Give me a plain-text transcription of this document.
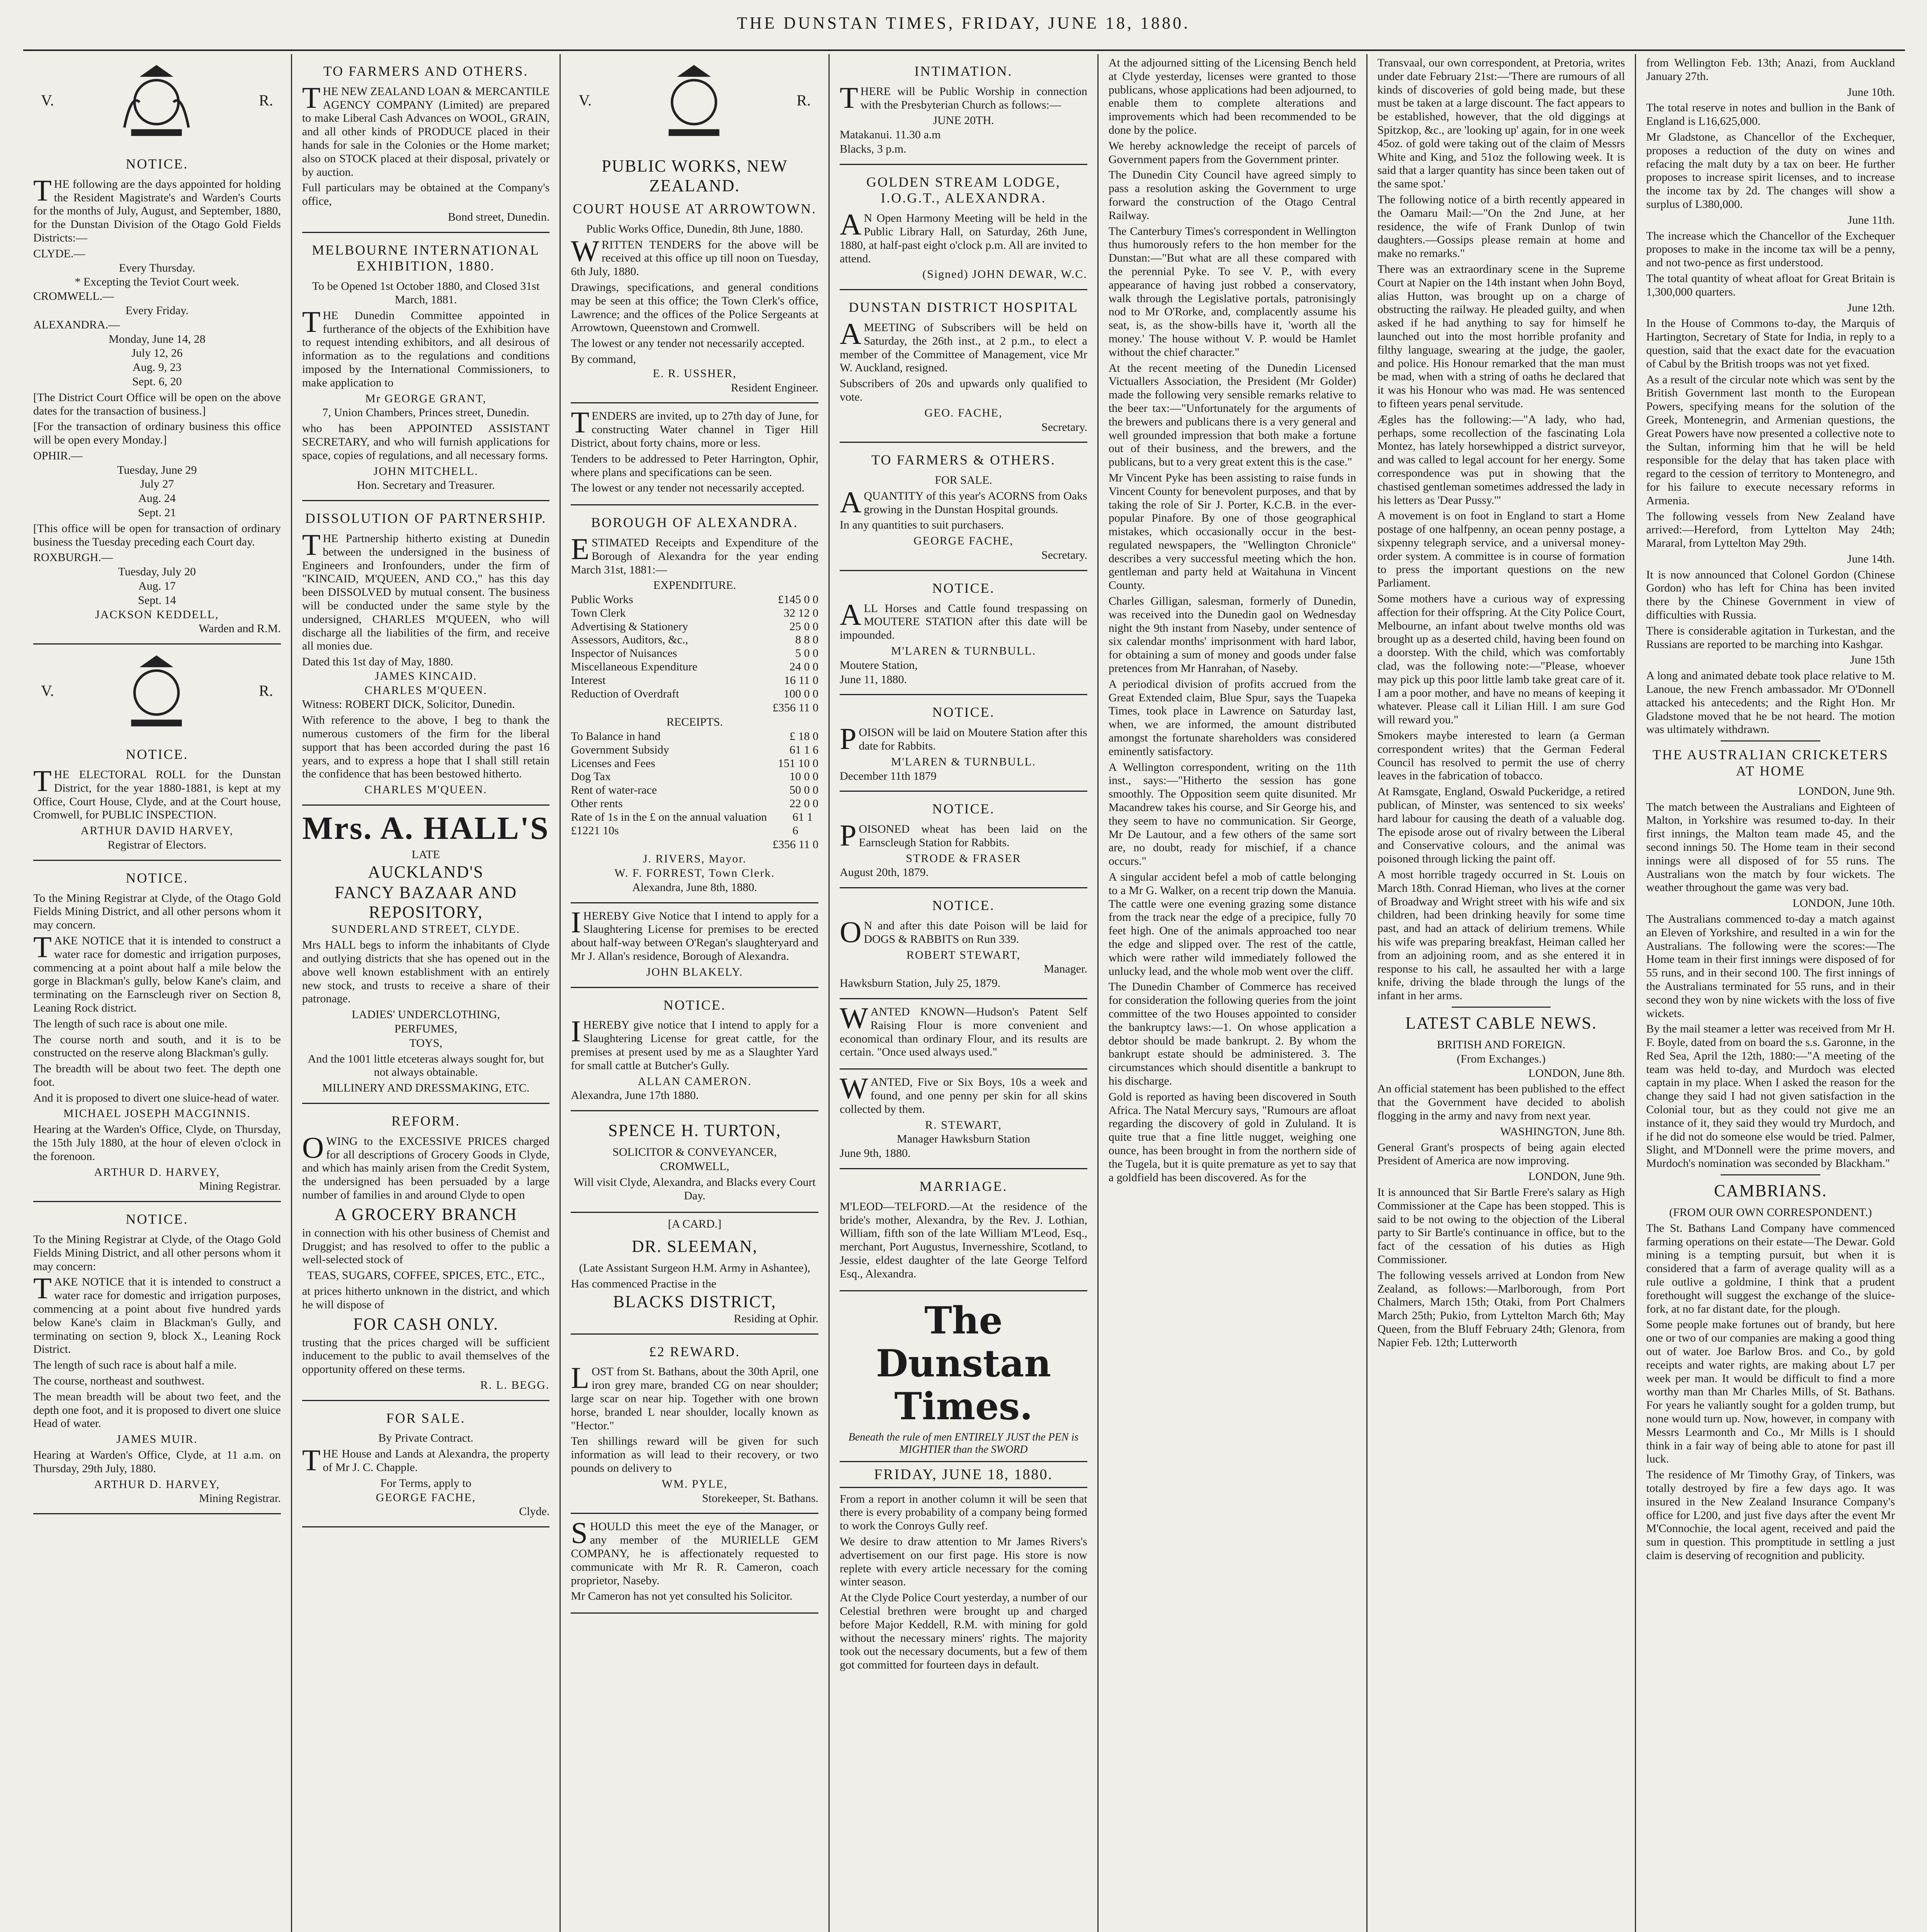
THE DUNSTAN TIMES, FRIDAY, JUNE 18, 1880.
V.	R.
NOTICE.

THE following are the days appointed for holding the Resident Magistrate's and Warden's Courts for the months of July, August, and September, 1880, for the Dunstan Division of the Otago Gold Fields Districts:—

CLYDE.—
Every Thursday.
* Excepting the Teviot Court week.
CROMWELL.—
Every Friday.
ALEXANDRA.—
Monday, June 14, 28
July 12, 26
Aug. 9, 23
Sept. 6, 20

[The District Court Office will be open on the above dates for the transaction of business.]

[For the transaction of ordinary business this office will be open every Monday.]

OPHIR.—
Tuesday, June 29
July 27
Aug. 24
Sept. 21

[This office will be open for transaction of ordinary business the Tuesday preceding each Court day.

ROXBURGH.—
Tuesday, July 20
Aug. 17
Sept. 14
JACKSON KEDDELL,
Warden and R.M.
V.	R.
NOTICE.

THE ELECTORAL ROLL for the Dunstan District, for the year 1880-1881, is kept at my Office, Court House, Clyde, and at the Court house, Cromwell, for PUBLIC INSPECTION.

ARTHUR DAVID HARVEY,
Registrar of Electors.
NOTICE.

To the Mining Registrar at Clyde, of the Otago Gold Fields Mining District, and all other persons whom it may concern.

TAKE NOTICE that it is intended to construct a water race for domestic and irrigation purposes, commencing at a point about half a mile below the gorge in Blackman's gully, below Kane's claim, and terminating on the Earnscleugh river on Section 8, Leaning Rock district.

The length of such race is about one mile.

The course north and south, and it is to be constructed on the reserve along Blackman's gully.

The breadth will be about two feet. The depth one foot.

And it is proposed to divert one sluice-head of water.

MICHAEL JOSEPH MACGINNIS.

Hearing at the Warden's Office, Clyde, on Thursday, the 15th July 1880, at the hour of eleven o'clock in the forenoon.

ARTHUR D. HARVEY,
Mining Registrar.
NOTICE.

To the Mining Registrar at Clyde, of the Otago Gold Fields Mining District, and all other persons whom it may concern:

TAKE NOTICE that it is intended to construct a water race for domestic and irrigation purposes, commencing at a point about five hundred yards below Kane's claim in Blackman's Gully, and terminating on section 9, block X., Leaning Rock District.

The length of such race is about half a mile.

The course, northeast and southwest.

The mean breadth will be about two feet, and the depth one foot, and it is proposed to divert one sluice Head of water.

JAMES MUIR.

Hearing at Warden's Office, Clyde, at 11 a.m. on Thursday, 29th July, 1880.

ARTHUR D. HARVEY,
Mining Registrar.
TO FARMERS AND OTHERS.

THE NEW ZEALAND LOAN & MERCANTILE AGENCY COMPANY (Limited) are prepared to make Liberal Cash Advances on WOOL, GRAIN, and all other kinds of PRODUCE placed in their hands for sale in the Colonies or the Home market; also on STOCK placed at their disposal, privately or by auction.

Full particulars may be obtained at the Company's office,

Bond street, Dunedin.
MELBOURNE INTERNATIONAL EXHIBITION, 1880.

To be Opened 1st October 1880, and Closed 31st March, 1881.

THE Dunedin Committee appointed in furtherance of the objects of the Exhibition have to request intending exhibitors, and all desirous of information as to the regulations and conditions imposed by the International Commissioners, to make application to

Mr GEORGE GRANT,
7, Union Chambers, Princes street, Dunedin.

who has been APPOINTED ASSISTANT SECRETARY, and who will furnish applications for space, copies of regulations, and all necessary forms.

JOHN MITCHELL.
Hon. Secretary and Treasurer.
DISSOLUTION OF PARTNERSHIP.

THE Partnership hitherto existing at Dunedin between the undersigned in the business of Engineers and Ironfounders, under the firm of "KINCAID, M'QUEEN, AND CO.," has this day been DISSOLVED by mutual consent. The business will be conducted under the same style by the undersigned, CHARLES M'QUEEN, who will discharge all the liabilities of the firm, and receive all monies due.

Dated this 1st day of May, 1880.
JAMES KINCAID.
CHARLES M'QUEEN.
Witness: ROBERT DICK, Solicitor, Dunedin.

With reference to the above, I beg to thank the numerous customers of the firm for the liberal support that has been accorded during the past 16 years, and to express a hope that I shall still retain the confidence that has been bestowed hitherto.

CHARLES M'QUEEN.
Mrs. A. HALL'S
LATE
AUCKLAND'S
FANCY BAZAAR AND REPOSITORY,
SUNDERLAND STREET, CLYDE.

Mrs HALL begs to inform the inhabitants of Clyde and outlying districts that she has opened out in the above well known establishment with an entirely new stock, and trusts to receive a share of their patronage.

LADIES' UNDERCLOTHING,
PERFUMES,
TOYS,

And the 1001 little etceteras always sought for, but not always obtainable.

MILLINERY AND DRESSMAKING, ETC.
REFORM.

OWING to the EXCESSIVE PRICES charged for all descriptions of Grocery Goods in Clyde, and which has mainly arisen from the Credit System, the undersigned has been persuaded by a large number of families in and around Clyde to open

A GROCERY BRANCH

in connection with his other business of Chemist and Druggist; and has resolved to offer to the public a well-selected stock of

TEAS, SUGARS, COFFEE, SPICES, ETC., ETC.,

at prices hitherto unknown in the district, and which he will dispose of

FOR CASH ONLY.

trusting that the prices charged will be sufficient inducement to the public to avail themselves of the opportunity offered on these terms.

R. L. BEGG.
FOR SALE.
By Private Contract.

THE House and Lands at Alexandra, the property of Mr J. C. Chapple.

For Terms, apply to
GEORGE FACHE,
Clyde.
V.	R.
PUBLIC WORKS, NEW ZEALAND.
COURT HOUSE AT ARROWTOWN.
Public Works Office, Dunedin, 8th June, 1880.

WRITTEN TENDERS for the above will be received at this office up till noon on Tuesday, 6th July, 1880.

Drawings, specifications, and general conditions may be seen at this office; the Town Clerk's office, Lawrence; and the offices of the Police Sergeants at Arrowtown, Queenstown and Cromwell.

The lowest or any tender not necessarily accepted.

By command,
E. R. USSHER,
Resident Engineer.

TENDERS are invited, up to 27th day of June, for constructing Water channel in Tiger Hill District, about forty chains, more or less.

Tenders to be addressed to Peter Harrington, Ophir, where plans and specifications can be seen.

The lowest or any tender not necessarily accepted.

BOROUGH OF ALEXANDRA.

ESTIMATED Receipts and Expenditure of the Borough of Alexandra for the year ending March 31st, 1881:—

EXPENDITURE.
Public Works	£145 0 0
Town Clerk	32 12 0
Advertising & Stationery	25 0 0
Assessors, Auditors, &c.,	8 8 0
Inspector of Nuisances	5 0 0
Miscellaneous Expenditure	24 0 0
Interest	16 11 0
Reduction of Overdraft	100 0 0
£356 11 0
RECEIPTS.
To Balance in hand	£ 18 0
Government Subsidy	61 1 6
Licenses and Fees	151 10 0
Dog Tax	10 0 0
Rent of water-race	50 0 0
Other rents	22 0 0
Rate of 1s in the £ on the annual valuation £1221 10s
61 1 6
£356 11 0
J. RIVERS, Mayor.
W. F. FORREST, Town Clerk.
Alexandra, June 8th, 1880.

IHEREBY Give Notice that I intend to apply for a Slaughtering License for premises to be erected about half-way between O'Regan's slaughteryard and Mr J. Allan's residence, Borough of Alexandra.

JOHN BLAKELY.
NOTICE.

IHEREBY give notice that I intend to apply for a Slaughtering License for great cattle, for the premises at present used by me as a Slaughter Yard for small cattle at Butcher's Gully.

ALLAN CAMERON.
Alexandra, June 17th 1880.
SPENCE H. TURTON,
SOLICITOR & CONVEYANCER,
CROMWELL,

Will visit Clyde, Alexandra, and Blacks every Court Day.

[A CARD.]
DR. SLEEMAN,

(Late Assistant Surgeon H.M. Army in Ashantee),

Has commenced Practise in the
BLACKS DISTRICT,
Residing at Ophir.
£2 REWARD.

LOST from St. Bathans, about the 30th April, one iron grey mare, branded CG on near shoulder; large scar on near hip. Together with one brown horse, branded L near shoulder, locally known as "Hector."

Ten shillings reward will be given for such information as will lead to their recovery, or two pounds on delivery to

WM. PYLE,
Storekeeper, St. Bathans.

SHOULD this meet the eye of the Manager, or any member of the MURIELLE GEM COMPANY, he is affectionately requested to communicate with Mr R. R. Cameron, coach proprietor, Naseby.

Mr Cameron has not yet consulted his Solicitor.

INTIMATION.

THERE will be Public Worship in connection with the Presbyterian Church as follows:—

JUNE 20TH.
Matakanui. 11.30 a.m
Blacks, 3 p.m.
GOLDEN STREAM LODGE, I.O.G.T., ALEXANDRA.

AN Open Harmony Meeting will be held in the Public Library Hall, on Saturday, 26th June, 1880, at half-past eight o'clock p.m. All are invited to attend.

(Signed) JOHN DEWAR, W.C.
DUNSTAN DISTRICT HOSPITAL

AMEETING of Subscribers will be held on Saturday, the 26th inst., at 2 p.m., to elect a member of the Committee of Management, vice Mr W. Auckland, resigned.

Subscribers of 20s and upwards only qualified to vote.

GEO. FACHE,
Secretary.
TO FARMERS & OTHERS.
FOR SALE.

AQUANTITY of this year's ACORNS from Oaks growing in the Dunstan Hospital grounds.

In any quantities to suit purchasers.

GEORGE FACHE,
Secretary.
NOTICE.

ALL Horses and Cattle found trespassing on MOUTERE STATION after this date will be impounded.

M'LAREN & TURNBULL.
Moutere Station,
June 11, 1880.
NOTICE.

POISON will be laid on Moutere Station after this date for Rabbits.

M'LAREN & TURNBULL.
December 11th 1879
NOTICE.

POISONED wheat has been laid on the Earnscleugh Station for Rabbits.

STRODE & FRASER
August 20th, 1879.
NOTICE.

ON and after this date Poison will be laid for DOGS & RABBITS on Run 339.

ROBERT STEWART,
Manager.
Hawksburn Station, July 25, 1879.

WANTED KNOWN—Hudson's Patent Self Raising Flour is more convenient and economical than ordinary Flour, and its results are certain. "Once used always used."

WANTED, Five or Six Boys, 10s a week and found, and one penny per skin for all skins collected by them.

R. STEWART,
Manager Hawksburn Station
June 9th, 1880.
MARRIAGE.

M'LEOD—TELFORD.—At the residence of the bride's mother, Alexandra, by the Rev. J. Lothian, William, fifth son of the late William M'Leod, Esq., merchant, Port Augustus, Invernesshire, Scotland, to Jessie, eldest daughter of the late George Telford Esq., Alexandra.

The Dunstan Times.
Beneath the rule of men ENTIRELY JUST the PEN is MIGHTIER than the SWORD
FRIDAY, JUNE 18, 1880.

From a report in another column it will be seen that there is every probability of a company being formed to work the Conroys Gully reef.

We desire to draw attention to Mr James Rivers's advertisement on our first page. His store is now replete with every article necessary for the coming winter season.

At the Clyde Police Court yesterday, a number of our Celestial brethren were brought up and charged before Major Keddell, R.M. with mining for gold without the necessary miners' rights. The majority took out the necessary documents, but a few of them got committed for fourteen days in default.

At the adjourned sitting of the Licensing Bench held at Clyde yesterday, licenses were granted to those publicans, whose applications had been adjourned, to enable them to complete alterations and improvements which had been recommended to be done by the police.

We hereby acknowledge the receipt of parcels of Government papers from the Government printer.

The Dunedin City Council have agreed simply to pass a resolution asking the Government to urge forward the construction of the Otago Central Railway.

The Canterbury Times's correspondent in Wellington thus humorously refers to the hon member for the Dunstan:—"But what are all these compared with the perennial Pyke. To see V. P., with every appearance of having just robbed a conservatory, walk through the Legislative portals, patronisingly nod to Mr O'Rorke, and, complacently assume his seat, is, as the show-bills have it, 'worth all the money.' The house without V. P. would be Hamlet without the chief character."

At the recent meeting of the Dunedin Licensed Victuallers Association, the President (Mr Golder) made the following very sensible remarks relative to the beer tax:—"Unfortunately for the arguments of the brewers and publicans there is a very general and well grounded impression that both make a fortune out of their business, and the brewers, and the publicans, but to a very great extent this is the case."

Mr Vincent Pyke has been assisting to raise funds in Vincent County for benevolent purposes, and that by taking the role of Sir J. Porter, K.C.B. in the ever-popular Pinafore. By one of those geographical mistakes, which occasionally occur in the best-regulated newspapers, the "Wellington Chronicle" describes a very successful meeting which the hon. gentleman and party held at Waitahuna in Vincent County.

Charles Gilligan, salesman, formerly of Dunedin, was received into the Dunedin gaol on Wednesday night the 9th instant from Naseby, under sentence of six calendar months' imprisonment with hard labor, for obtaining a sum of money and goods under false pretences from Mr Hanrahan, of Naseby.

A periodical division of profits accrued from the Great Extended claim, Blue Spur, says the Tuapeka Times, took place in Lawrence on Saturday last, when, we are informed, the amount distributed amongst the fortunate shareholders was considered eminently satisfactory.

A Wellington correspondent, writing on the 11th inst., says:—"Hitherto the session has gone smoothly. The Opposition seem quite disunited. Mr Macandrew takes his course, and Sir George his, and they seem to have no communication. Sir George, Mr De Lautour, and a few others of the same sort are, no doubt, ready for mischief, if a chance occurs."

A singular accident befel a mob of cattle belonging to a Mr G. Walker, on a recent trip down the Manuia. The cattle were one evening grazing some distance from the track near the edge of a precipice, fully 70 feet high. One of the animals approached too near the edge and slipped over. The rest of the cattle, which were rather wild immediately followed the unlucky lead, and the whole mob went over the cliff.

The Dunedin Chamber of Commerce has received for consideration the following queries from the joint committee of the two Houses appointed to consider the bankruptcy laws:—1. On whose application a debtor should be made bankrupt. 2. By whom the bankrupt estate should be administered. 3. The circumstances which should disentitle a bankrupt to his discharge.

Gold is reported as having been discovered in South Africa. The Natal Mercury says, "Rumours are afloat regarding the discovery of gold in Zululand. It is quite true that a fine little nugget, weighing one ounce, has been brought in from the northern side of the Tugela, but it is quite premature as yet to say that a goldfield has been discovered. As for the

Transvaal, our own correspondent, at Pretoria, writes under date February 21st:—'There are rumours of all kinds of discoveries of gold being made, but these must be taken at a large discount. The fact appears to be established, however, that the old diggings at Spitzkop, &c., are 'looking up' again, for in one week 45oz. of gold were taking out of the claim of Messrs White and King, and 51oz the following week. It is said that a larger quantity has since been taken out of the same spot.'

The following notice of a birth recently appeared in the Oamaru Mail:—"On the 2nd June, at her residence, the wife of Frank Dunlop of twin daughters.—Gossips please remain at home and make no remarks."

There was an extraordinary scene in the Supreme Court at Napier on the 14th instant when John Boyd, alias Hutton, was brought up on a charge of obstructing the railway. He pleaded guilty, and when asked if he had anything to say for himself he launched out into the most horrible profanity and filthy language, swearing at the judge, the gaoler, and police. His Honour remarked that the man must be mad, when with a string of oaths he declared that it was his Honour who was mad. He was sentenced to fifteen years penal servitude.

Ægles has the following:—"A lady, who had, perhaps, some recollection of the fascinating Lola Montez, has lately horsewhipped a district surveyor, and was called to legal account for her energy. Some correspondence was put in showing that the chastised gentleman sometimes addressed the lady in his letters as 'Dear Pussy.'"

A movement is on foot in England to start a Home postage of one halfpenny, an ocean penny postage, a sixpenny telegraph service, and a universal money-order system. A committee is in course of formation to press the important questions on the new Parliament.

Some mothers have a curious way of expressing affection for their offspring. At the City Police Court, Melbourne, an infant about twelve months old was brought up as a deserted child, having been found on a doorstep. With the child, which was comfortably clad, was the following note:—"Please, whoever may pick up this poor little lamb take great care of it. I am a poor mother, and have no means of keeping it whatever. Please call it Lilian Hill. I am sure God will reward you."

Smokers maybe interested to learn (a German correspondent writes) that the German Federal Council has resolved to permit the use of cherry leaves in the fabrication of tobacco.

At Ramsgate, England, Oswald Puckeridge, a retired publican, of Minster, was sentenced to six weeks' hard labour for causing the death of a valuable dog. The episode arose out of rivalry between the Liberal and Conservative colours, and the animal was poisoned through licking the paint off.

A most horrible tragedy occurred in St. Louis on March 18th. Conrad Hieman, who lives at the corner of Broadway and Wright street with his wife and six children, had been drinking heavily for some time past, and had an attack of delirium tremens. While his wife was preparing breakfast, Heiman called her from an adjoining room, and as she entered it in response to his call, he assaulted her with a large knife, driving the blade through the lungs of the infant in her arms.

LATEST CABLE NEWS.
BRITISH AND FOREIGN.
(From Exchanges.)
LONDON, June 8th.

An official statement has been published to the effect that the Government have decided to abolish flogging in the army and navy from next year.

WASHINGTON, June 8th.

General Grant's prospects of being again elected President of America are now improving.

LONDON, June 9th.

It is announced that Sir Bartle Frere's salary as High Commissioner at the Cape has been stopped. This is said to be not owing to the objection of the Liberal party to Sir Bartle's continuance in office, but to the fact of the cessation of his duties as High Commissioner.

The following vessels arrived at London from New Zealand, as follows:—Marlborough, from Port Chalmers, March 15th; Otaki, from Port Chalmers March 25th; Pukio, from Lyttelton March 6th; May Queen, from the Bluff February 24th; Glenora, from Napier Feb. 12th; Lutterworth

from Wellington Feb. 13th; Anazi, from Auckland January 27th.

June 10th.

The total reserve in notes and bullion in the Bank of England is L16,625,000.

Mr Gladstone, as Chancellor of the Exchequer, proposes a reduction of the duty on wines and refacing the malt duty by a tax on beer. He further proposes to increase spirit licenses, and to increase the income tax by 2d. The changes will show a surplus of L380,000.

June 11th.

The increase which the Chancellor of the Exchequer proposes to make in the income tax will be a penny, and not two-pence as first understood.

The total quantity of wheat afloat for Great Britain is 1,300,000 quarters.

June 12th.

In the House of Commons to-day, the Marquis of Hartington, Secretary of State for India, in reply to a question, said that the exact date for the evacuation of Cabul by the British troops was not yet fixed.

As a result of the circular note which was sent by the British Government last month to the European Powers, specifying means for the solution of the Greek, Montenegrin, and Armenian questions, the Great Powers have now presented a collective note to the Sultan, informing him that he will be held responsible for the delay that has taken place with regard to the cession of territory to Montenegro, and for his failure to execute necessary reforms in Armenia.

The following vessels from New Zealand have arrived:—Hereford, from Lyttelton May 24th; Mararal, from Lyttelton May 29th.

June 14th.

It is now announced that Colonel Gordon (Chinese Gordon) who has left for China has been invited there by the Chinese Government in view of difficulties with Russia.

There is considerable agitation in Turkestan, and the Russians are reported to be marching into Kashgar.

June 15th

A long and animated debate took place relative to M. Lanoue, the new French ambassador. Mr O'Donnell attacked his antecedents; and the Right Hon. Mr Gladstone moved that he be not heard. The motion was ultimately withdrawn.

THE AUSTRALIAN CRICKETERS AT HOME
LONDON, June 9th.

The match between the Australians and Eighteen of Malton, in Yorkshire was resumed to-day. In their first innings, the Malton team made 45, and the second innings 50. The Home team in their second innings were all disposed of for 55 runs. The Australians won the match by four wickets. The weather throughout the game was very bad.

LONDON, June 10th.

The Australians commenced to-day a match against an Eleven of Yorkshire, and resulted in a win for the Australians. The following were the scores:—The Home team in their first innings were disposed of for 55 runs, and in their second 100. The first innings of the Australians terminated for 55 runs, and in their second they won by nine wickets with the loss of five wickets.

By the mail steamer a letter was received from Mr H. F. Boyle, dated from on board the s.s. Garonne, in the Red Sea, April the 12th, 1880:—"A meeting of the team was held to-day, and Murdoch was elected captain in my place. When I asked the reason for the change they said I had not given satisfaction in the Colonial tour, but as they could not give me an instance of it, they said they would try Murdoch, and if he did not do someone else would be tried. Palmer, Slight, and M'Donnell were the prime movers, and Murdoch's nomination was seconded by Blackham."

CAMBRIANS.
(FROM OUR OWN CORRESPONDENT.)

The St. Bathans Land Company have commenced farming operations on their estate—The Dewar. Gold mining is a tempting pursuit, but when it is considered that a farm of average quality will as a rule outlive a goldmine, I think that a prudent forethought will suggest the exchange of the sluice-fork, at no far distant date, for the plough.

Some people make fortunes out of brandy, but here one or two of our companies are making a good thing out of water. Joe Barlow Bros. and Co., by gold receipts and water rights, are making about L7 per week per man. It would be difficult to find a more worthy man than Mr Charles Mills, of St. Bathans. For years he valiantly sought for a golden trump, but none would turn up. Now, however, in company with Messrs Learmonth and Co., Mr Mills is I should think in a fair way of being able to atone for past ill luck.

The residence of Mr Timothy Gray, of Tinkers, was totally destroyed by fire a few days ago. It was insured in the New Zealand Insurance Company's office for L200, and just five days after the event Mr M'Connochie, the local agent, received and paid the sum in question. This promptitude in settling a just claim is deserving of recognition and publicity.
